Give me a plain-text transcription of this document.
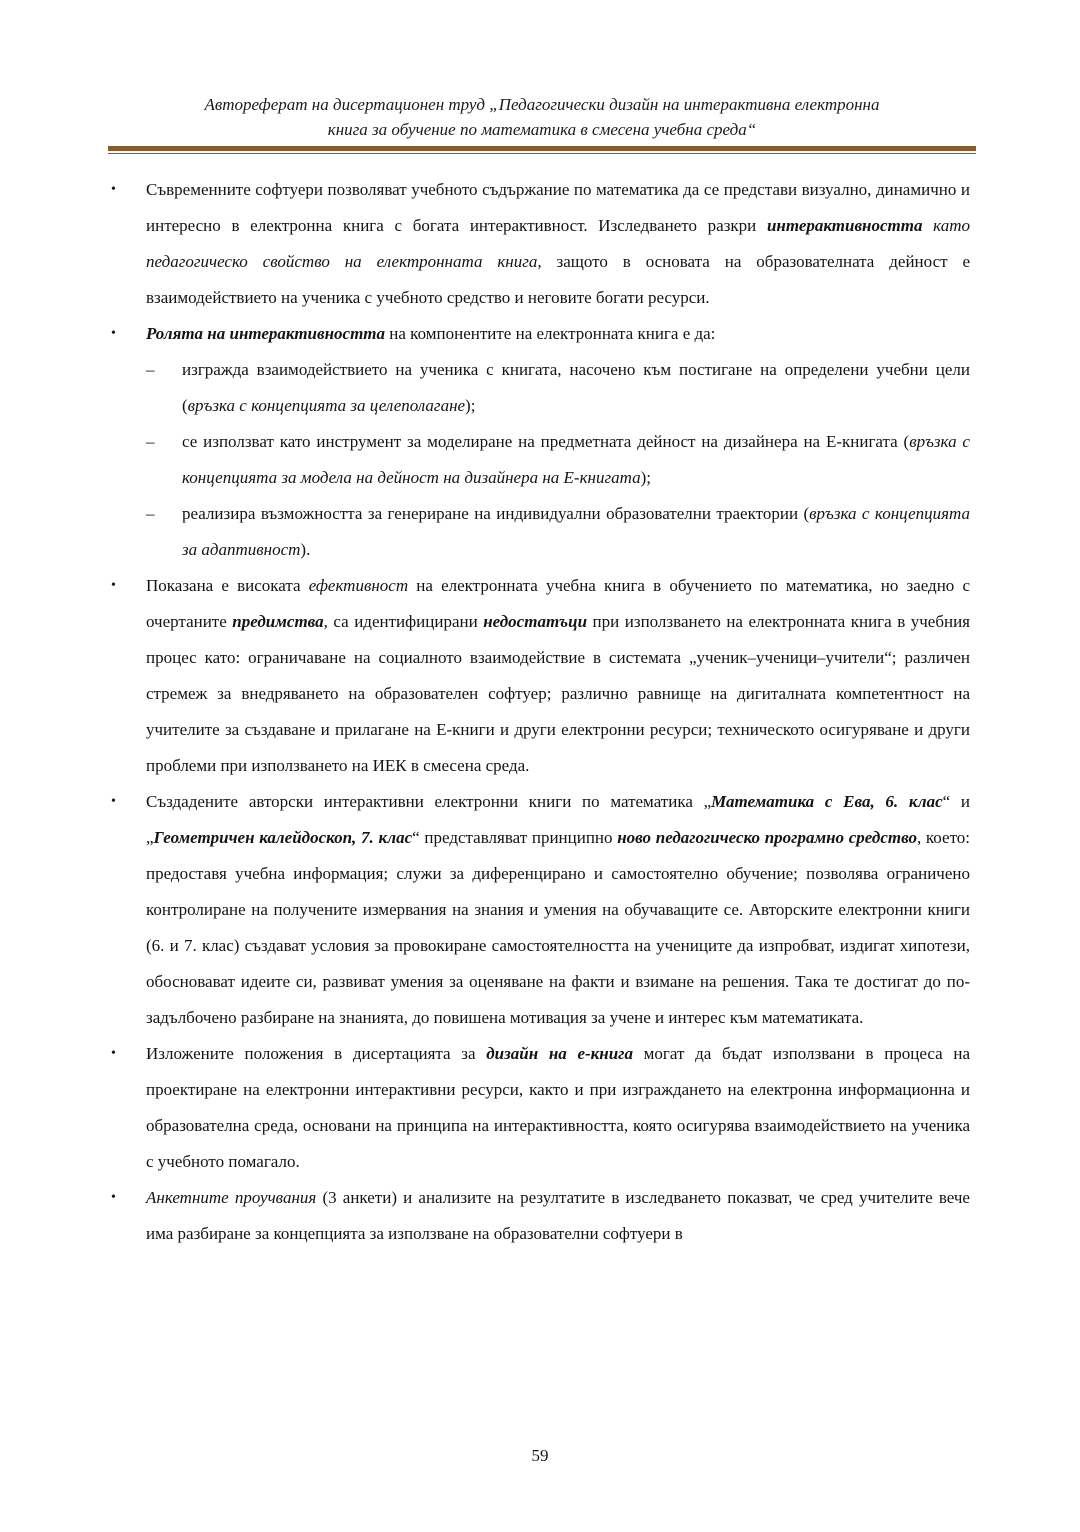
Автореферат на дисертационен труд „Педагогически дизайн на интерактивна електронна
книга за обучение по математика в смесена учебна среда“
• Съвременните софтуери позволяват учебното съдържание по математика да се представи визуално, динамично и интересно в електронна книга с богата интерактивност. Изследването разкри интерактивността като педагогическо свойство на електронната книга, защото в основата на образователната дейност е взаимодействието на ученика с учебното средство и неговите богати ресурси.
• Ролята на интерактивността на компонентите на електронната книга е да:
– изгражда взаимодействието на ученика с книгата, насочено към постигане на определени учебни цели (връзка с концепцията за целеполагане);
– се използват като инструмент за моделиране на предметната дейност на дизайнера на Е-книгата (връзка с концепцията за модела на дейност на дизайнера на Е-книгата);
– реализира възможността за генериране на индивидуални образователни траектории (връзка с концепцията за адаптивност).
• Показана е високата ефективност на електронната учебна книга в обучението по математика, но заедно с очертаните предимства, са идентифицирани недостатъци при използването на електронната книга в учебния процес като: ограничаване на социалното взаимодействие в системата „ученик–ученици–учители“; различен стремеж за внедряването на образователен софтуер; различно равнище на дигиталната компетентност на учителите за създаване и прилагане на Е-книги и други електронни ресурси; техническото осигуряване и други проблеми при използването на ИЕК в смесена среда.
• Създадените авторски интерактивни електронни книги по математика „Математика с Ева, 6. клас“ и „Геометричен калейдоскоп, 7. клас“ представляват принципно ново педагогическо програмно средство, което: предоставя учебна информация; служи за диференцирано и самостоятелно обучение; позволява ограничено контролиране на получените измервания на знания и умения на обучаващите се. Авторските електронни книги (6. и 7. клас) създават условия за провокиране самостоятелността на учениците да изпробват, издигат хипотези, обосновават идеите си, развиват умения за оценяване на факти и взимане на решения. Така те достигат до по-задълбочено разбиране на знанията, до повишена мотивация за учене и интерес към математиката.
• Изложените положения в дисертацията за дизайн на е-книга могат да бъдат използвани в процеса на проектиране на електронни интерактивни ресурси, както и при изграждането на електронна информационна и образователна среда, основани на принципа на интерактивността, която осигурява взаимодействието на ученика с учебното помагало.
• Анкетните проучвания (3 анкети) и анализите на резултатите в изследването показват, че сред учителите вече има разбиране за концепцията за използване на образователни софтуери в
59
